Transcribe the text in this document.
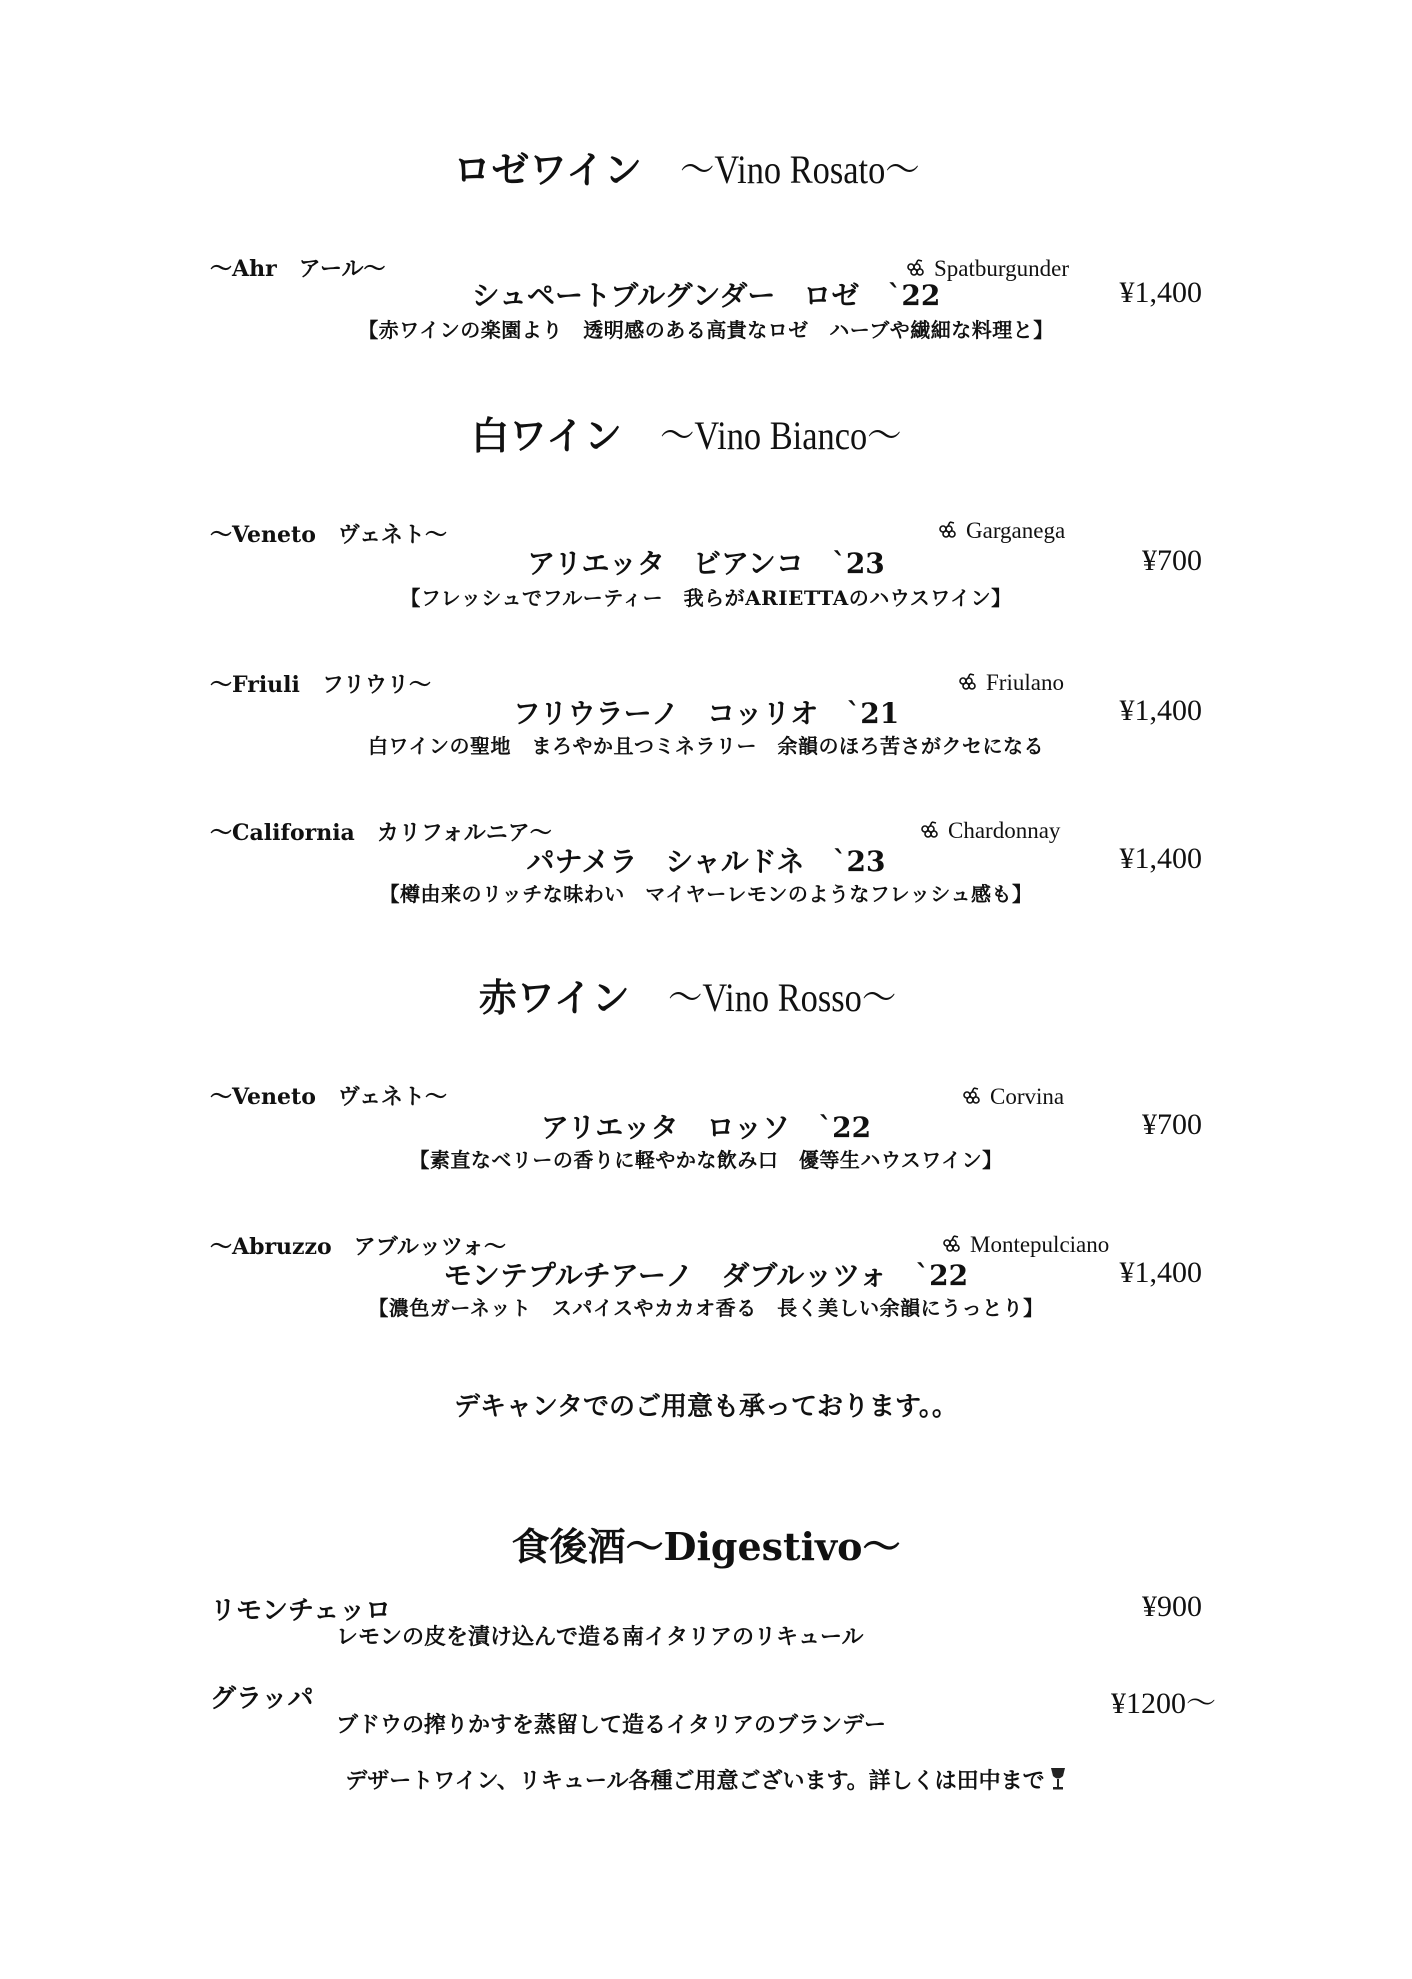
ロゼワイン　 ～Vino Rosato～
～Ahr　アール～	Spatburgunder
シュペートブルグンダー　ロゼ　`22	¥1,400
【赤ワインの楽園より　透明感のある高貴なロゼ　ハーブや繊細な料理と】
白ワイン　 ～Vino Bianco～
～Veneto　ヴェネト～	Garganega
アリエッタ　ビアンコ　`23	¥700
【フレッシュでフルーティー　我らがARIETTAのハウスワイン】
～Friuli　フリウリ～	Friulano
フリウラーノ　コッリオ　`21	¥1,400
白ワインの聖地　まろやか且つミネラリー　余韻のほろ苦さがクセになる
～California　カリフォルニア～	Chardonnay
パナメラ　シャルドネ　`23	¥1,400
【樽由来のリッチな味わい　マイヤーレモンのようなフレッシュ感も】
赤ワイン　 ～Vino Rosso～
～Veneto　ヴェネト～	Corvina
アリエッタ　ロッソ　`22	¥700
【素直なベリーの香りに軽やかな飲み口　優等生ハウスワイン】
～Abruzzo　アブルッツォ～	Montepulciano
モンテプルチアーノ　ダブルッツォ　`22	¥1,400
【濃色ガーネット　スパイスやカカオ香る　長く美しい余韻にうっとり】
デキャンタでのご用意も承っております。。
食後酒～Digestivo～
リモンチェッロ	¥900
レモンの皮を漬け込んで造る南イタリアのリキュール
グラッパ	¥1200～
ブドウの搾りかすを蒸留して造るイタリアのブランデー
デザートワイン、リキュール各種ご用意ございます。詳しくは田中まで
